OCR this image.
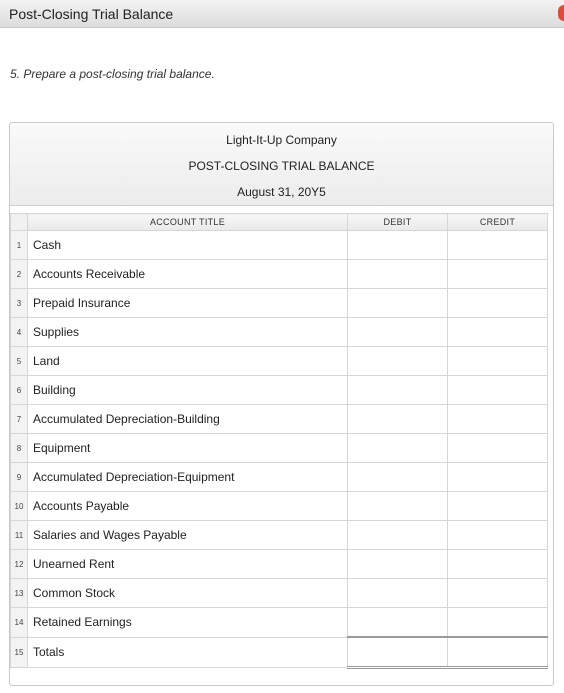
Post-Closing Trial Balance
5. Prepare a post-closing trial balance.
Light-It-Up Company
POST-CLOSING TRIAL BALANCE
August 31, 20Y5
	ACCOUNT TITLE	DEBIT	CREDIT
1	Cash		
2	Accounts Receivable		
3	Prepaid Insurance		
4	Supplies		
5	Land		
6	Building		
7	Accumulated Depreciation-Building		
8	Equipment		
9	Accumulated Depreciation-Equipment		
10	Accounts Payable		
11	Salaries and Wages Payable		
12	Unearned Rent		
13	Common Stock		
14	Retained Earnings		
15	Totals		
